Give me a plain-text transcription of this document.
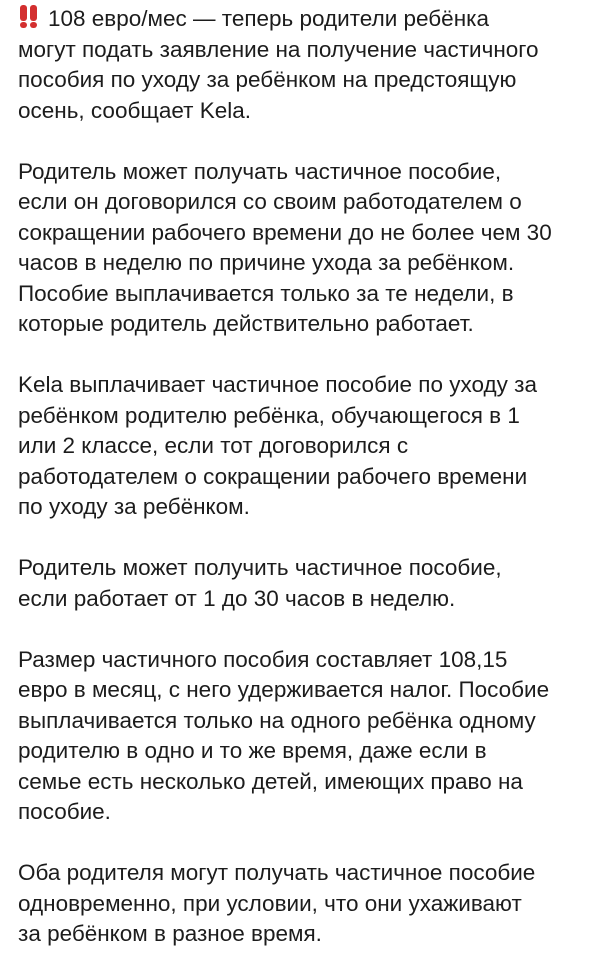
108 евро/мес — теперь родители ребёнка
могут подать заявление на получение частичного
пособия по уходу за ребёнком на предстоящую
осень, сообщает Kela.

Родитель может получать частичное пособие,
если он договорился со своим работодателем о
сокращении рабочего времени до не более чем 30
часов в неделю по причине ухода за ребёнком.
Пособие выплачивается только за те недели, в
которые родитель действительно работает.

Kela выплачивает частичное пособие по уходу за
ребёнком родителю ребёнка, обучающегося в 1
или 2 классе, если тот договорился с
работодателем о сокращении рабочего времени
по уходу за ребёнком.

Родитель может получить частичное пособие,
если работает от 1 до 30 часов в неделю.

Размер частичного пособия составляет 108,15
евро в месяц, с него удерживается налог. Пособие
выплачивается только на одного ребёнка одному
родителю в одно и то же время, даже если в
семье есть несколько детей, имеющих право на
пособие.

Оба родителя могут получать частичное пособие
одновременно, при условии, что они ухаживают
за ребёнком в разное время.
